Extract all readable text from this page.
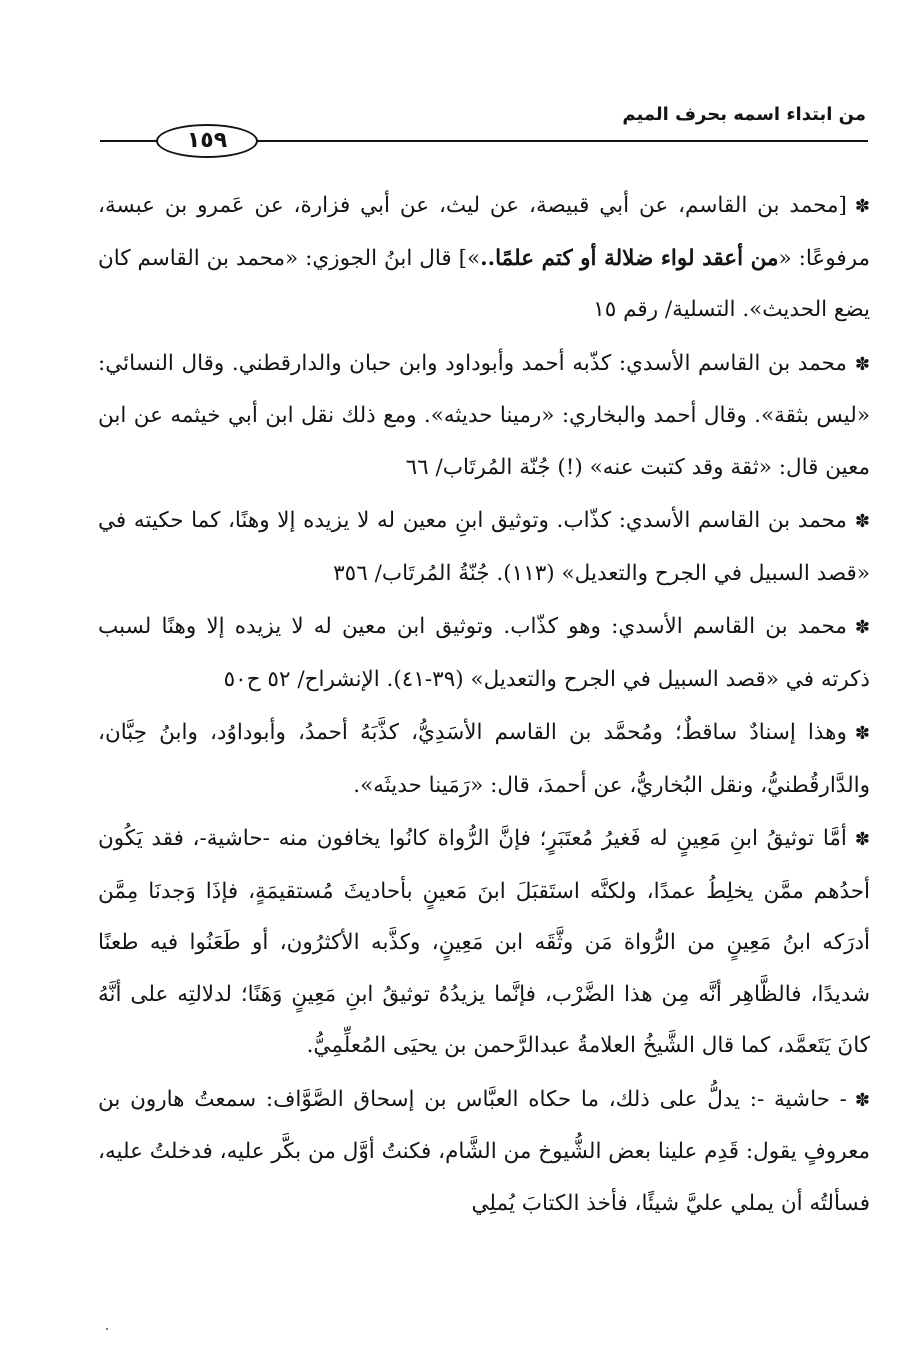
من ابتداء اسمه بحرف الميم
١٥٩

✽[محمد بن القاسم، عن أبي قبيصة، عن ليث، عن أبي فزارة، عن عَمرو بن عبسة، مرفوعًا: «من أعقد لواء ضلالة أو كتم علمًا..»] قال ابنُ الجوزي: «محمد بن القاسم كان يضع الحديث». التسلية/ رقم ١٥

✽محمد بن القاسم الأسدي: كذّبه أحمد وأبوداود وابن حبان والدارقطني. وقال النسائي: «ليس بثقة». وقال أحمد والبخاري: «رمينا حديثه». ومع ذلك نقل ابن أبي خيثمه عن ابن معين قال: «ثقة وقد كتبت عنه» (!) جُنّة المُرتَاب/ ٦٦

✽محمد بن القاسم الأسدي: كذّاب. وتوثيق ابنِ معين له لا يزيده إلا وهنًا، كما حكيته في «قصد السبيل في الجرح والتعديل» (١١٣). جُنّةُ المُرتَاب/ ٣٥٦

✽محمد بن القاسم الأسدي: وهو كذّاب. وتوثيق ابن معين له لا يزيده إلا وهنًا لسبب ذكرته في «قصد السبيل في الجرح والتعديل» (٣٩-٤١). الإنشراح/ ٥٢ ح٥٠

✽وهذا إسنادٌ ساقطٌ؛ ومُحمَّد بن القاسم الأسَدِيُّ، كذَّبَهُ أحمدُ، وأبوداوُد، وابنُ حِبَّان، والدَّارقُطنيُّ، ونقل البُخاريُّ، عن أحمدَ، قال: «رَمَينا حديثَه».

✽أمَّا توثيقُ ابنِ مَعِينٍ له فَغيرُ مُعتَبَرٍ؛ فإنَّ الرُّواة كانُوا يخافون منه -حاشية-، فقد يَكُون أحدُهم ممَّن يخلِطُ عمدًا، ولكنَّه استَقبَلَ ابنَ مَعينٍ بأحاديثَ مُستقيمَةٍ، فإذَا وَجدنَا مِمَّن أدرَكه ابنُ مَعِينٍ من الرُّواة مَن وثَّقَه ابن مَعِينٍ، وكذَّبه الأكثرُون، أو طَعَنُوا فيه طعنًا شديدًا، فالظَّاهِر أنَّه مِن هذا الضَّرْب، فإنَّما يزيدُهُ توثيقُ ابنِ مَعِينٍ وَهَنًا؛ لدلالتِه على أنَّهُ كانَ يَتَعمَّد، كما قال الشَّيخُ العلامةُ عبدالرَّحمن بن يحيَى المُعلِّمِيُّ.

✽- حاشية -: يدلُّ على ذلك، ما حكاه العبَّاس بن إسحاق الصَّوَّاف: سمعتُ هارون بن معروفٍ يقول: قَدِم علينا بعض الشُّيوخ من الشَّام، فكنتُ أوَّل من بكَّر عليه، فدخلتُ عليه، فسألتُه أن يملي عليَّ شيئًا، فأخذ الكتابَ يُملِي
